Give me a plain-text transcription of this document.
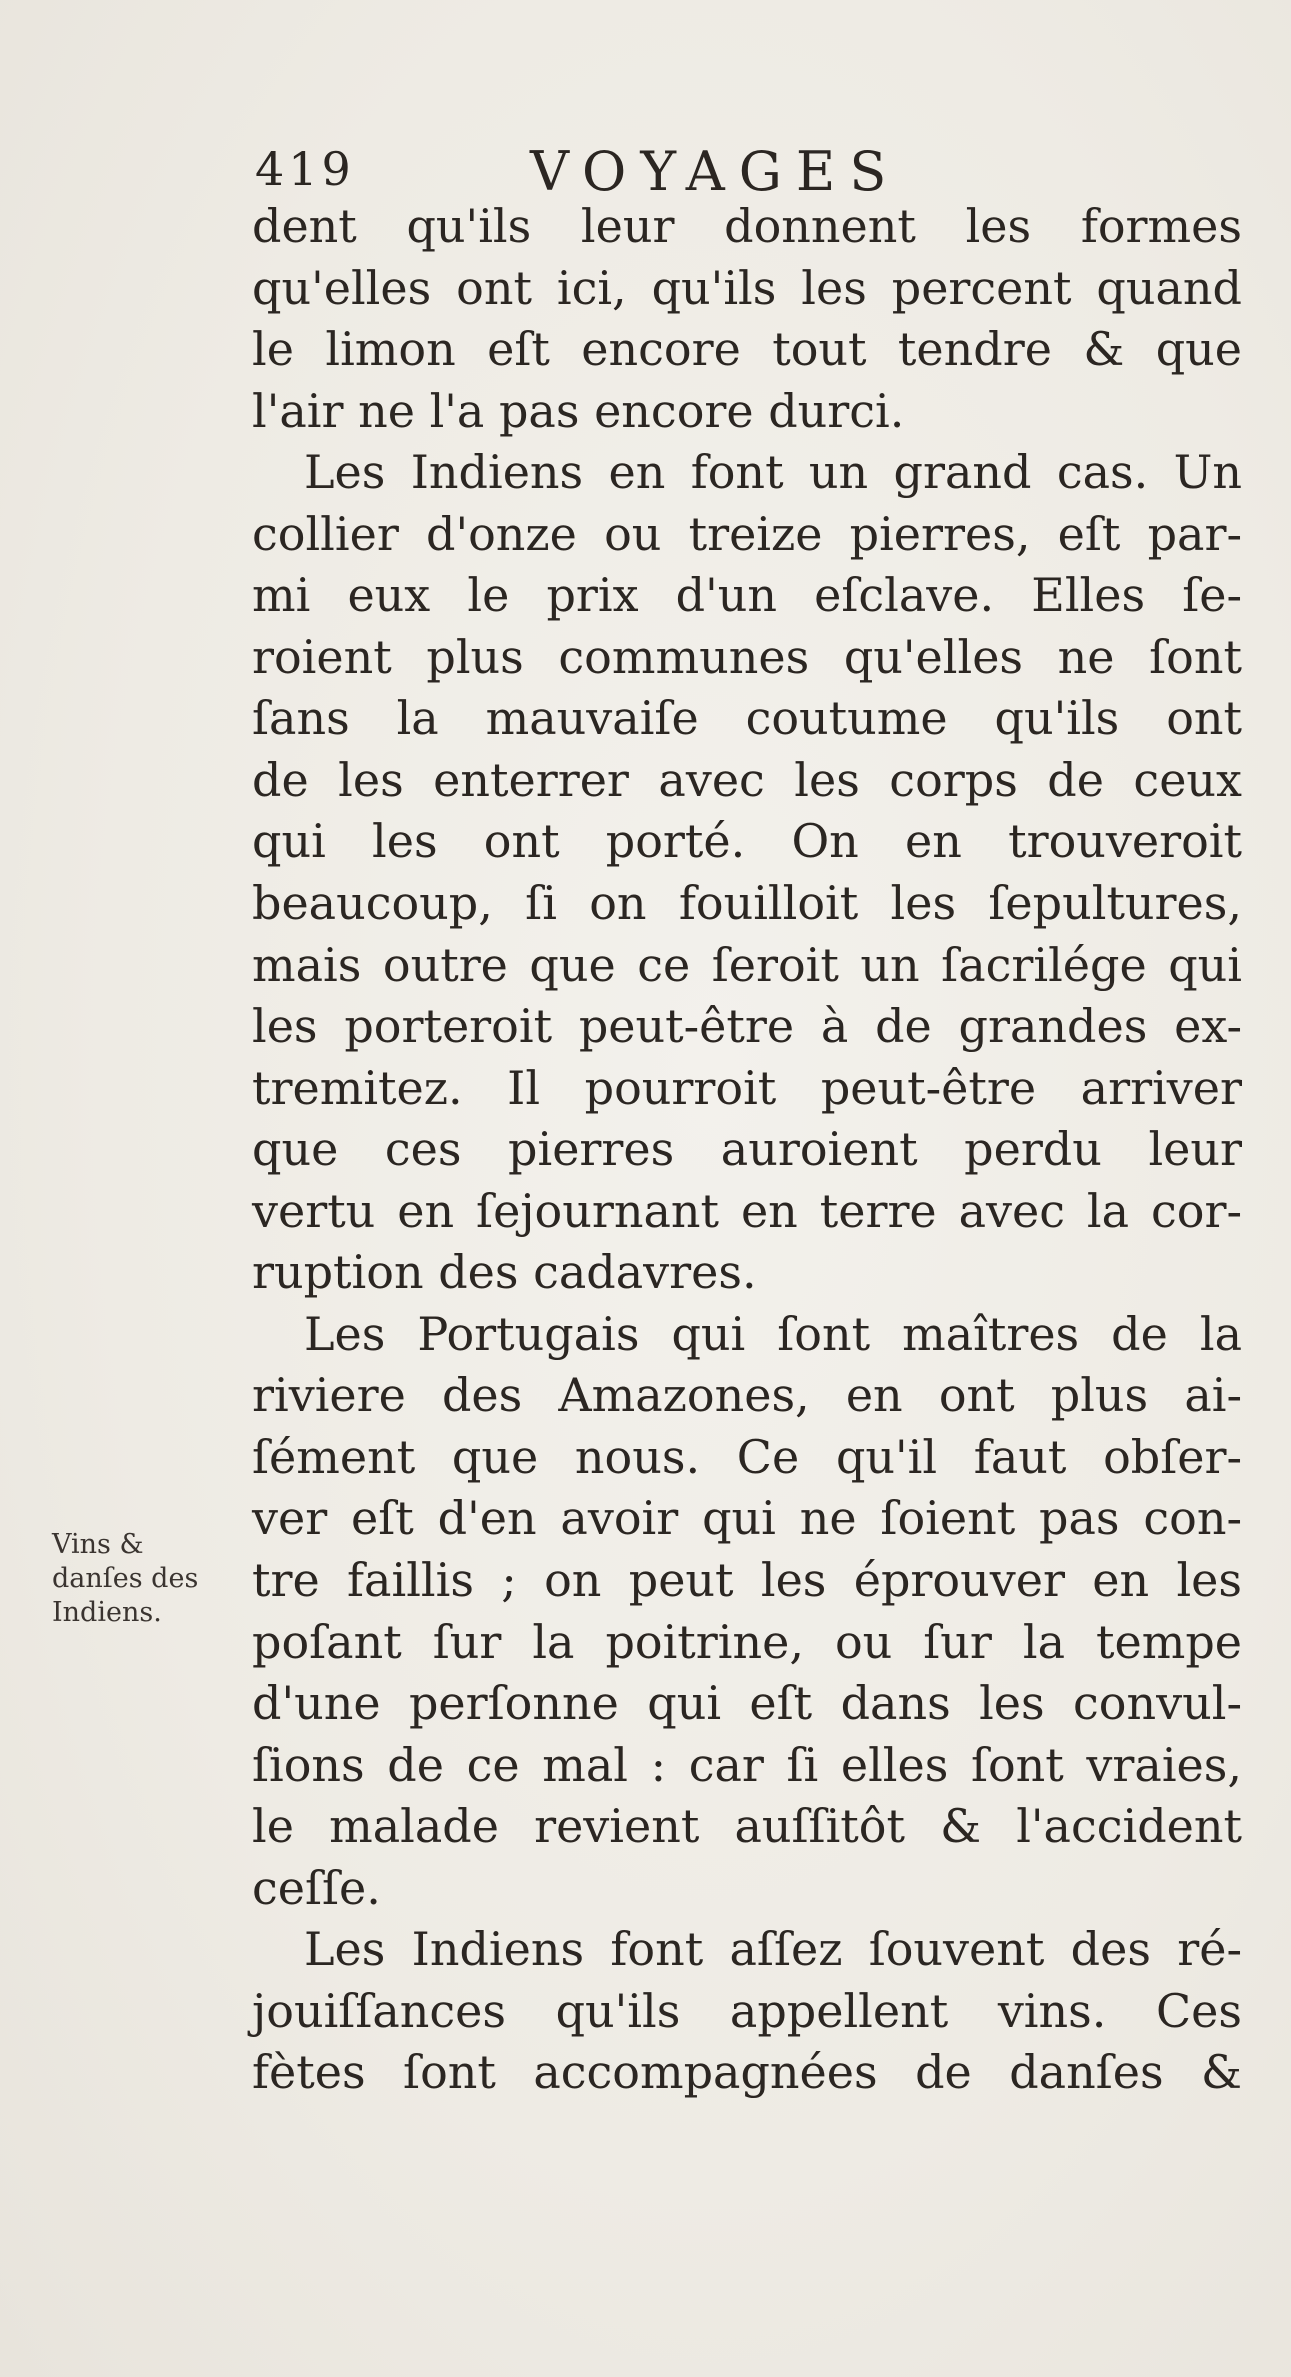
419	VOYAGES
dent qu'ils leur donnent les formes
qu'elles ont ici, qu'ils les percent quand
le limon eſt encore tout tendre & que
l'air ne l'a pas encore durci.
Les Indiens en font un grand cas. Un
collier d'onze ou treize pierres, eſt par-
mi eux le prix d'un eſclave. Elles ſe-
roient plus communes qu'elles ne ſont
ſans la mauvaiſe coutume qu'ils ont
de les enterrer avec les corps de ceux
qui les ont porté. On en trouveroit
beaucoup, ſi on fouilloit les ſepultures,
mais outre que ce ſeroit un ſacrilége qui
les porteroit peut-être à de grandes ex-
tremitez. Il pourroit peut-être arriver
que ces pierres auroient perdu leur
vertu en ſejournant en terre avec la cor-
ruption des cadavres.
Les Portugais qui ſont maîtres de la
riviere des Amazones, en ont plus ai-
ſément que nous. Ce qu'il faut obſer-
ver eſt d'en avoir qui ne ſoient pas con-
tre faillis ; on peut les éprouver en les
poſant ſur la poitrine, ou ſur la tempe
d'une perſonne qui eſt dans les convul-
ſions de ce mal : car ſi elles ſont vraies,
le malade revient auſſitôt & l'accident
ceſſe.
Les Indiens font aſſez ſouvent des ré-
jouiſſances qu'ils appellent vins. Ces
fètes ſont accompagnées de danſes &
Vins &
danſes des
Indiens.
